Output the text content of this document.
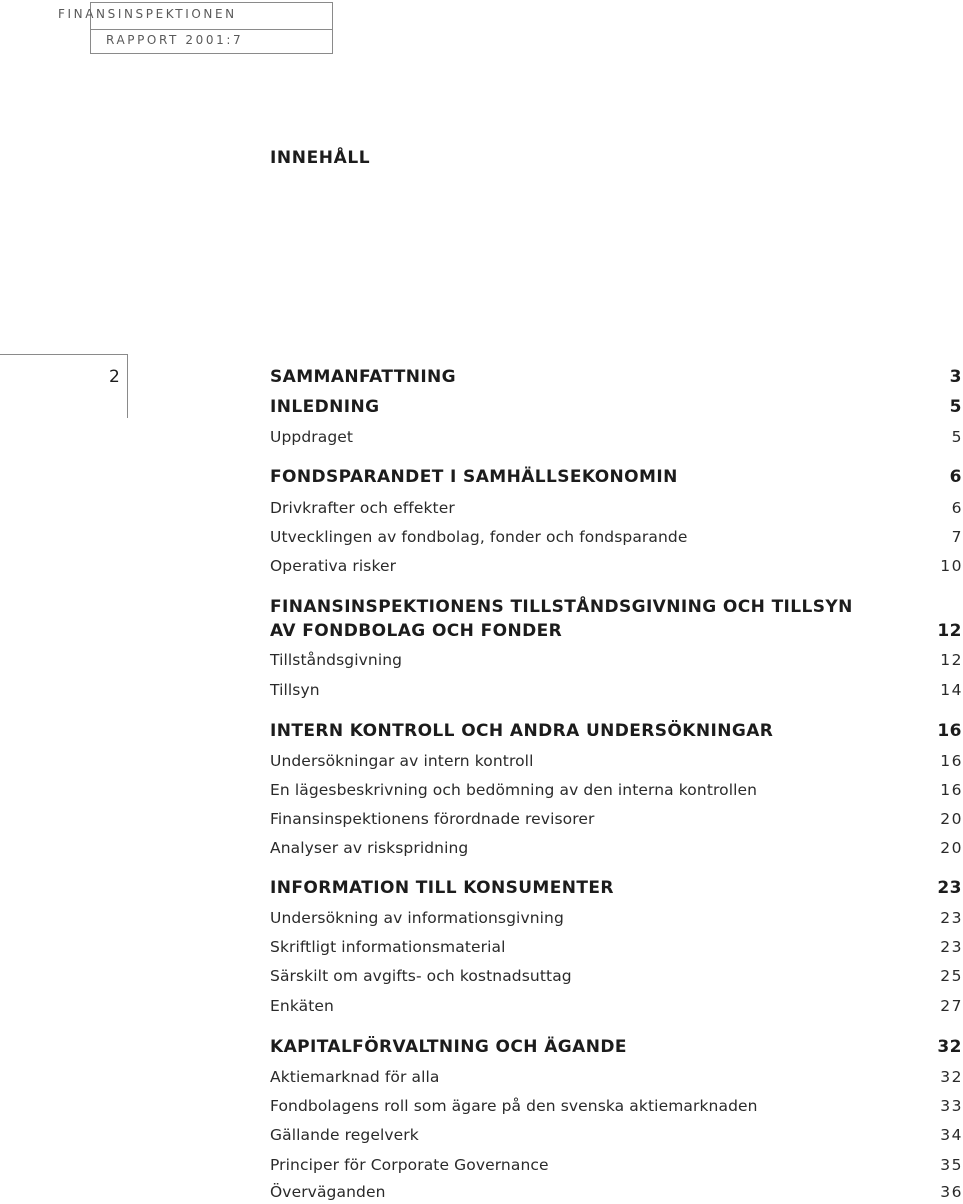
FINANSINSPEKTIONEN
RAPPORT 2001:7
INNEHÅLL
2	SAMMANFATTNING	3
INLEDNING	5
Uppdraget	5
FONDSPARANDET I SAMHÄLLSEKONOMIN	6
Drivkrafter och effekter	6
Utvecklingen av fondbolag, fonder och fondsparande	7
Operativa risker	10
FINANSINSPEKTIONENS TILLSTÅNDSGIVNING OCH TILLSYN
AV FONDBOLAG OCH FONDER	12
Tillståndsgivning	12
Tillsyn	14
INTERN KONTROLL OCH ANDRA UNDERSÖKNINGAR	16
Undersökningar av intern kontroll	16
En lägesbeskrivning och bedömning av den interna kontrollen	16
Finansinspektionens förordnade revisorer	20
Analyser av riskspridning	20
INFORMATION TILL KONSUMENTER	23
Undersökning av informationsgivning	23
Skriftligt informationsmaterial	23
Särskilt om avgifts- och kostnadsuttag	25
Enkäten	27
KAPITALFÖRVALTNING OCH ÄGANDE	32
Aktiemarknad för alla	32
Fondbolagens roll som ägare på den svenska aktiemarknaden	33
Gällande regelverk	34
Principer för Corporate Governance	35
Överväganden	36
